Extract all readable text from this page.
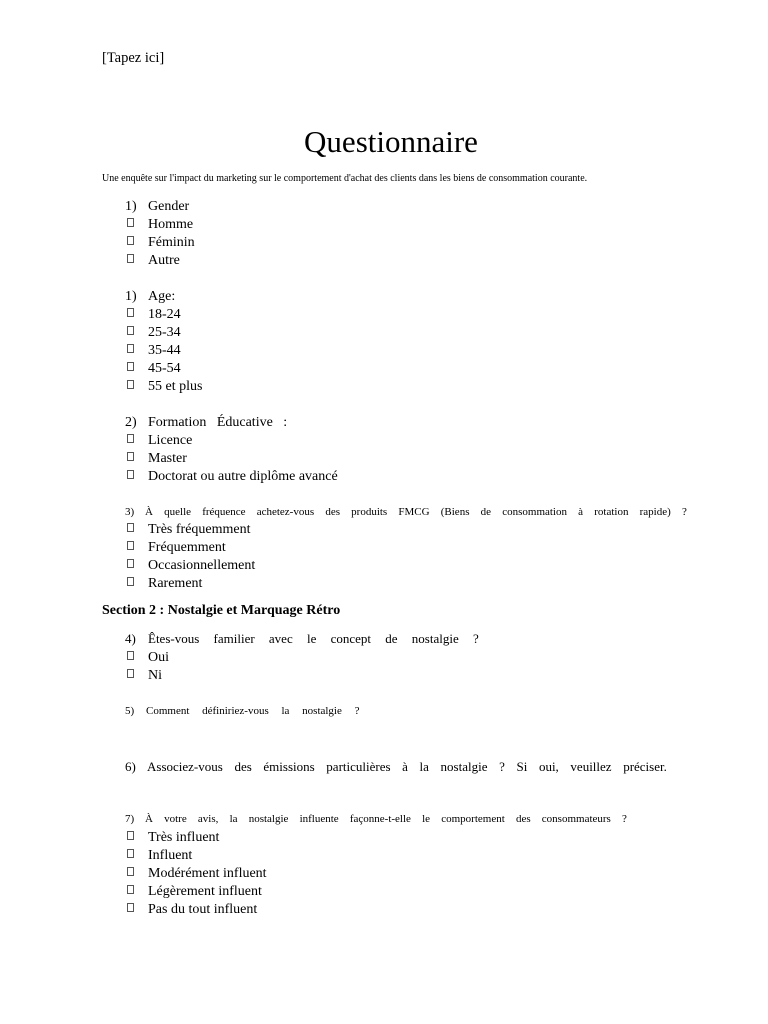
[Tapez ici]
Questionnaire
Une enquête sur l'impact du marketing sur le comportement d'achat des clients dans les biens de consommation courante.
1) Gender
Homme
Féminin
Autre
1) Age:
18-24
25-34
35-44
45-54
55 et plus
2) Formation   Éducative   :
Licence
Master
Doctorat ou autre diplôme avancé
3) À quelle fréquence achetez-vous des produits FMCG (Biens de consommation à rotation rapide) ?
Très fréquemment
Fréquemment
Occasionnellement
Rarement
Section 2 : Nostalgie et Marquage Rétro
4) Êtes-vous familier avec le concept de nostalgie ?
Oui
Ni
5) Comment définiriez-vous la nostalgie ?
6) Associez-vous des émissions particulières à la nostalgie ? Si oui, veuillez préciser.
7) À votre avis, la nostalgie influente façonne-t-elle le comportement des consommateurs ?
Très influent
Influent
Modérément influent
Légèrement influent
Pas du tout influent
